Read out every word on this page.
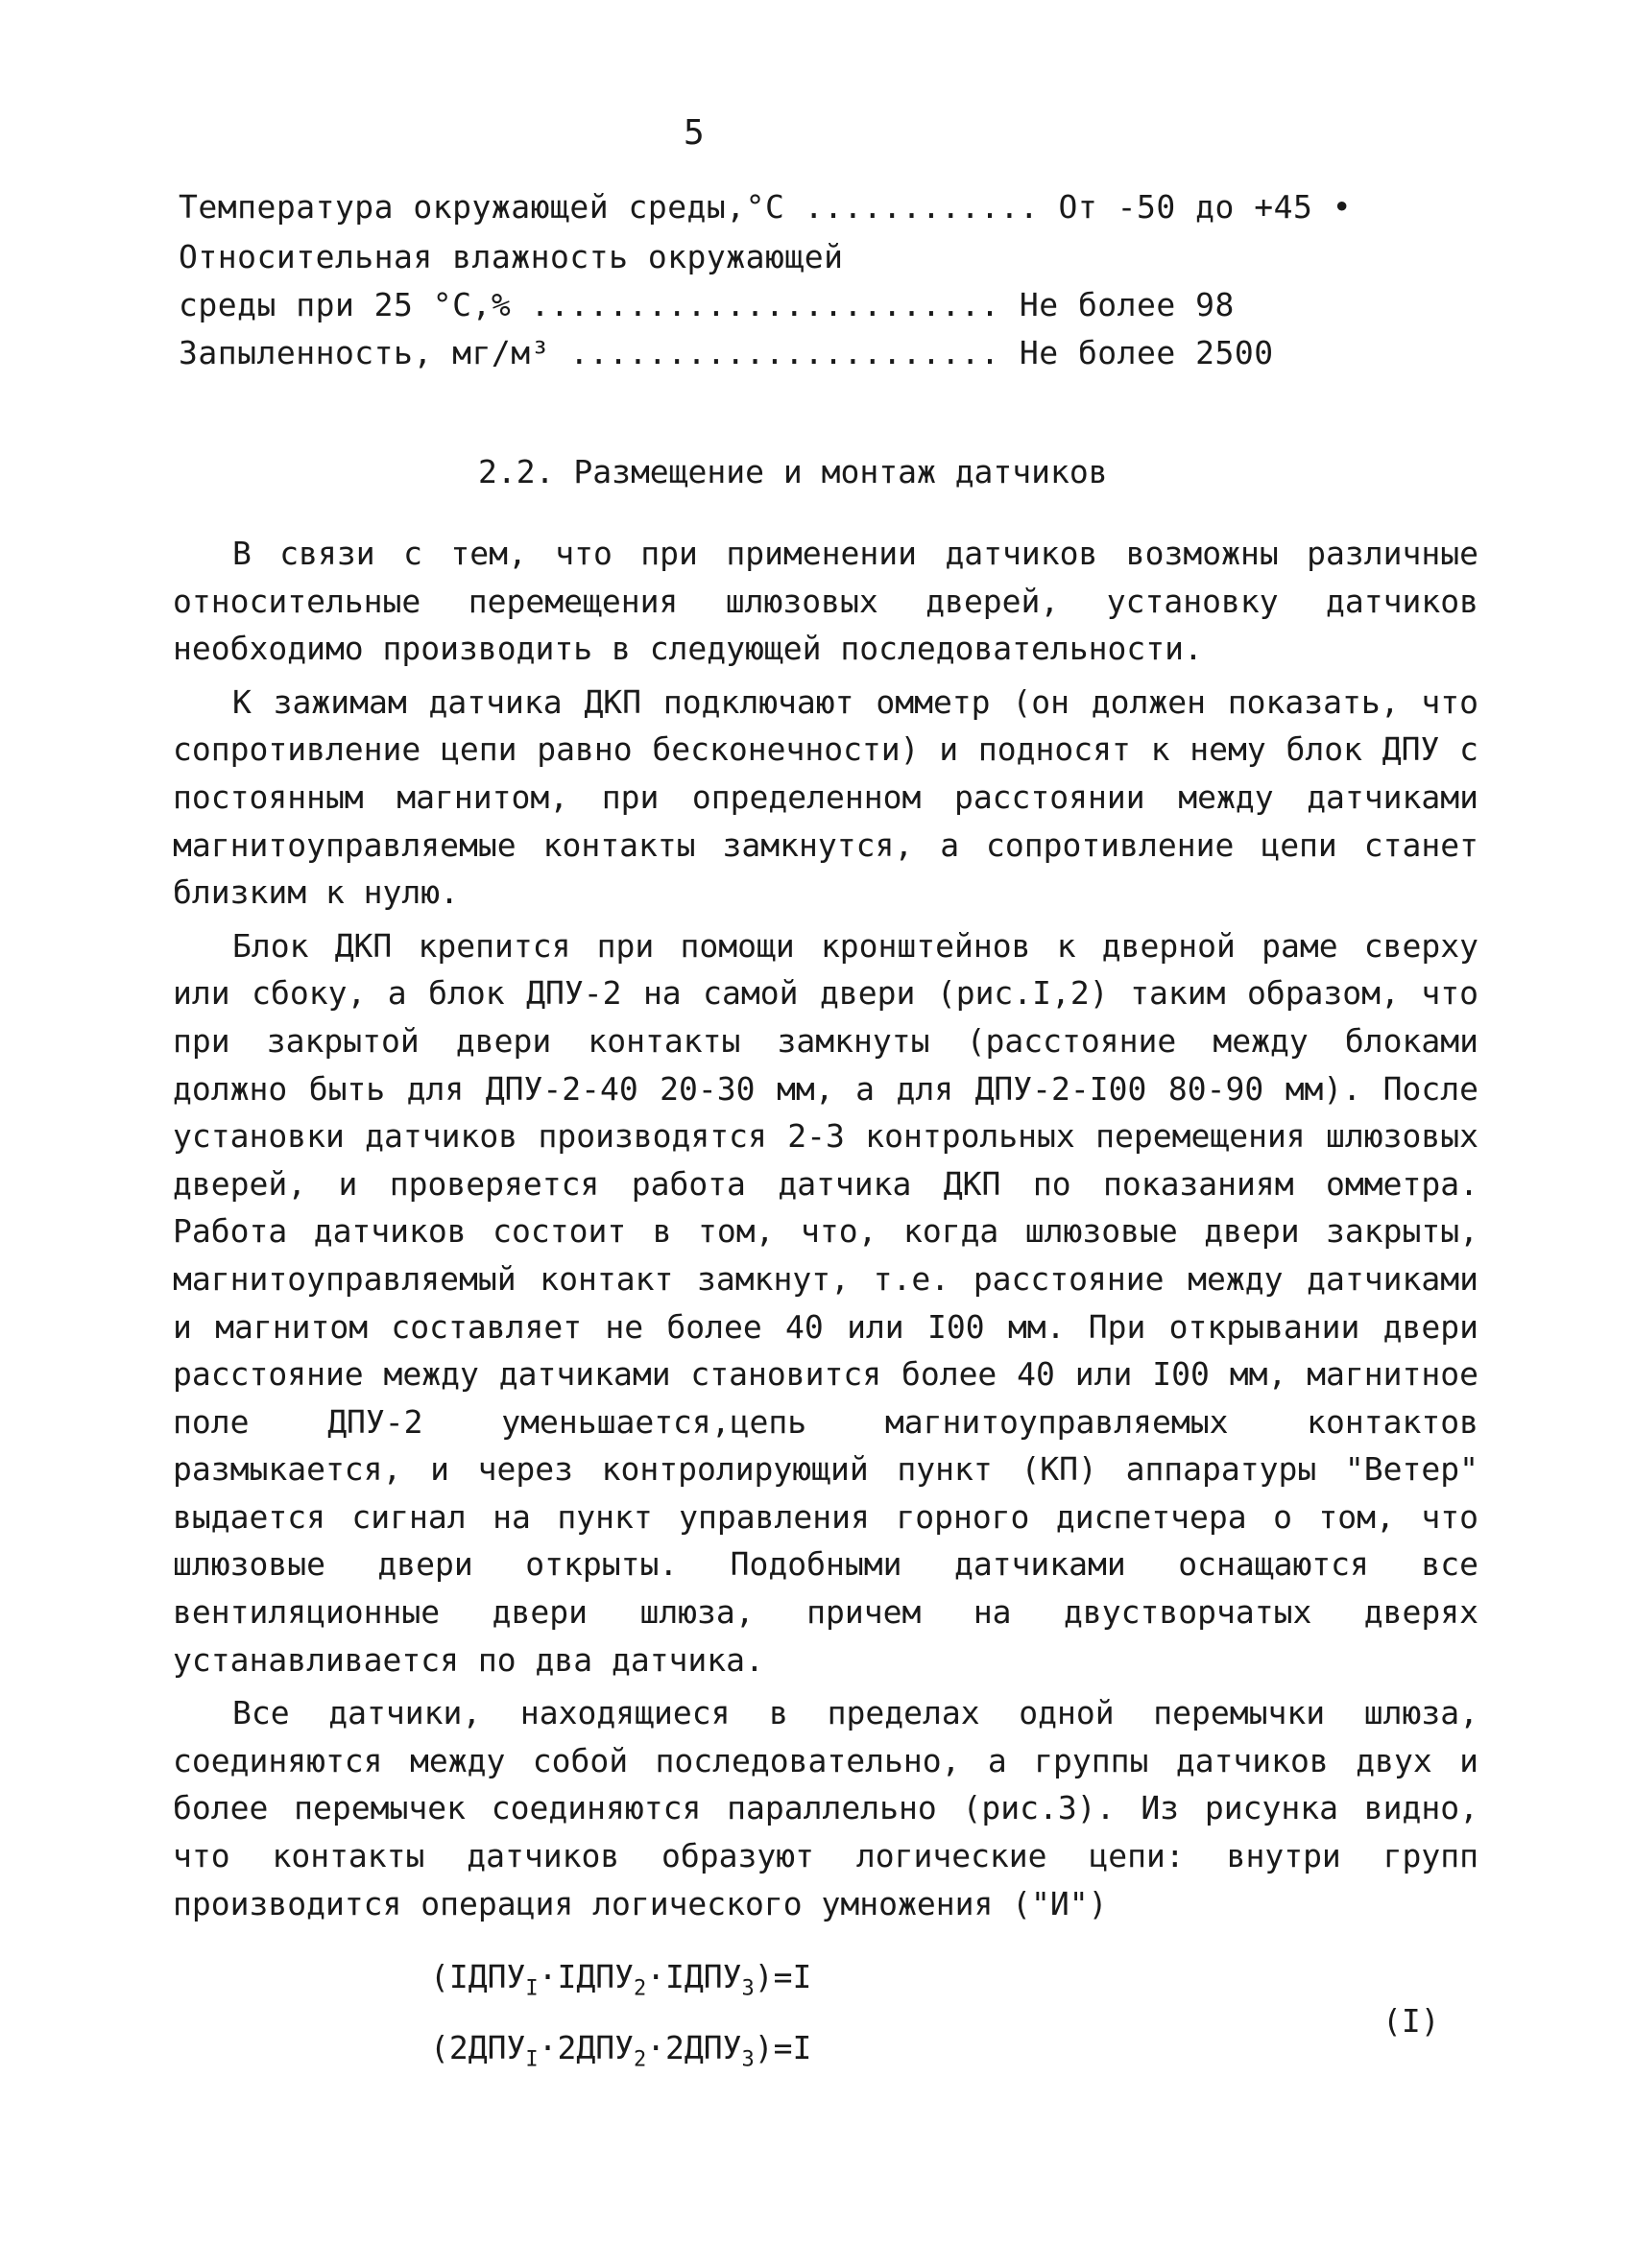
5
Температура окружающей среды,°С ............ От -50 до +45 •
Относительная влажность окружающей
среды при 25 °С,% ........................ Не более 98
Запыленность, мг/м³ ...................... Не более 2500
2.2. Размещение и монтаж датчиков

В связи с тем, что при применении датчиков возможны различные относительные перемещения шлюзовых дверей, установку датчиков необходимо производить в следующей последовательности.

К зажимам датчика ДКП подключают омметр (он должен показать, что сопротивление цепи равно бесконечности) и подносят к нему блок ДПУ с постоянным магнитом, при определенном расстоянии между датчиками магнитоуправляемые контакты замкнутся, а сопротивление цепи станет близким к нулю.

Блок ДКП крепится при помощи кронштейнов к дверной раме сверху или сбоку, а блок ДПУ-2 на самой двери (рис.I,2) таким образом, что при закрытой двери контакты замкнуты (расстояние между блоками должно быть для ДПУ-2-40 20-30 мм, а для ДПУ-2-I00 80-90 мм). После установки датчиков производятся 2-3 контрольных перемещения шлюзовых дверей, и проверяется работа датчика ДКП по показаниям омметра. Работа датчиков состоит в том, что, когда шлюзовые двери закрыты, магнитоуправляемый контакт замкнут, т.е. расстояние между датчиками и магнитом составляет не более 40 или I00 мм. При открывании двери расстояние между датчиками становится более 40 или I00 мм, магнитное поле ДПУ-2 уменьшается,цепь магнитоуправляемых контактов размыкается, и через контролирующий пункт (КП) аппаратуры "Ветер" выдается сигнал на пункт управления горного диспетчера о том, что шлюзовые двери открыты. Подобными датчиками оснащаются все вентиляционные двери шлюза, причем на двустворчатых дверях устанавливается по два датчика.

Все датчики, находящиеся в пределах одной перемычки шлюза, соединяются между собой последовательно, а группы датчиков двух и более перемычек соединяются параллельно (рис.3). Из рисунка видно, что контакты датчиков образуют логические цепи: внутри групп производится операция логического умножения ("И")

$(IДПУ_I\cdot IДПУ_2\cdot IДПУ_3)=I$
$(2ДПУ_I\cdot 2ДПУ_2\cdot 2ДПУ_3)=I$
(I)
